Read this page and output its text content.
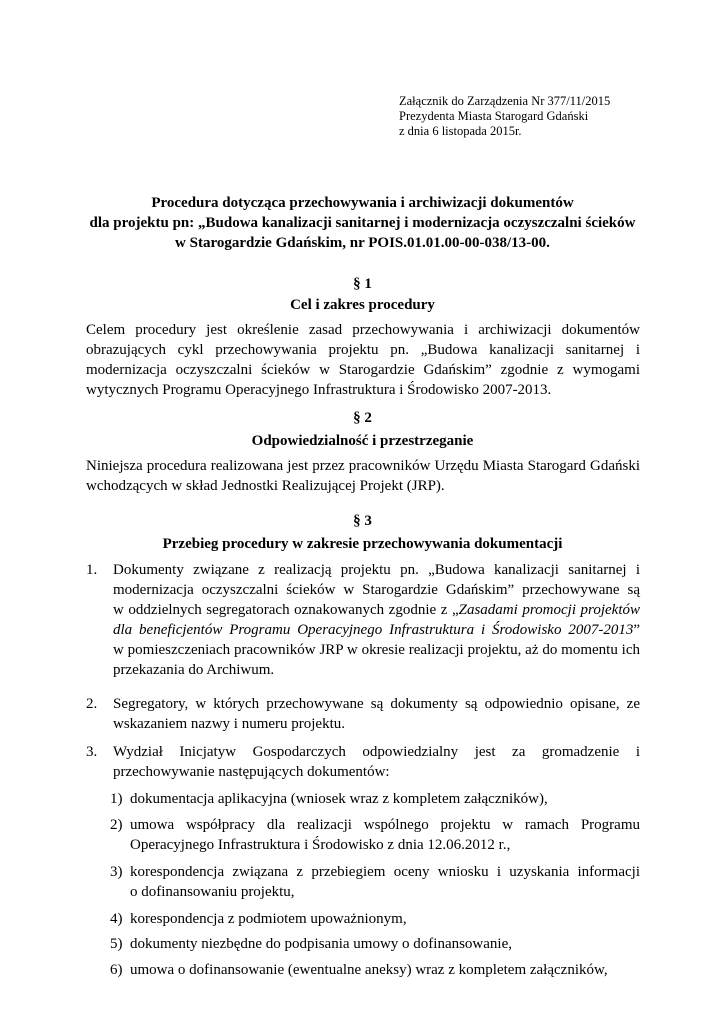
Załącznik do Zarządzenia Nr 377/11/2015
Prezydenta Miasta Starogard Gdański
z dnia 6 listopada 2015r.
Procedura dotycząca przechowywania i archiwizacji dokumentów
dla projektu pn: „Budowa kanalizacji sanitarnej i modernizacja oczyszczalni ścieków
w Starogardzie Gdańskim, nr POIS.01.01.00-00-038/13-00.
§ 1
Cel i zakres procedury
Celem procedury jest określenie zasad przechowywania i archiwizacji dokumentów
obrazujących cykl przechowywania projektu pn. „Budowa kanalizacji sanitarnej i
modernizacja oczyszczalni ścieków w Starogardzie Gdańskim” zgodnie z wymogami
wytycznych Programu Operacyjnego Infrastruktura i Środowisko 2007-2013.
§ 2
Odpowiedzialność i przestrzeganie
Niniejsza procedura realizowana jest przez pracowników Urzędu Miasta Starogard Gdański
wchodzących w skład Jednostki Realizującej Projekt (JRP).
§ 3
Przebieg procedury w zakresie przechowywania dokumentacji
1.	Dokumenty związane z realizacją projektu pn. „Budowa kanalizacji sanitarnej i
modernizacja oczyszczalni ścieków w Starogardzie Gdańskim” przechowywane są
w oddzielnych segregatorach oznakowanych zgodnie z „Zasadami promocji projektów
dla beneficjentów Programu Operacyjnego Infrastruktura i Środowisko 2007-2013”
w pomieszczeniach pracowników JRP w okresie realizacji projektu, aż do momentu ich
przekazania do Archiwum.
2.	Segregatory, w których przechowywane są dokumenty są odpowiednio opisane, ze
wskazaniem nazwy i numeru projektu.
3.	Wydział Inicjatyw Gospodarczych odpowiedzialny jest za gromadzenie i
przechowywanie następujących dokumentów:
1) dokumentacja aplikacyjna (wniosek wraz z kompletem załączników),
2) umowa współpracy dla realizacji wspólnego projektu w ramach Programu
Operacyjnego Infrastruktura i Środowisko z dnia 12.06.2012 r.,
3) korespondencja związana z przebiegiem oceny wniosku i uzyskania informacji
o dofinansowaniu projektu,
4) korespondencja z podmiotem upoważnionym,
5) dokumenty niezbędne do podpisania umowy o dofinansowanie,
6) umowa o dofinansowanie (ewentualne aneksy) wraz z kompletem załączników,
